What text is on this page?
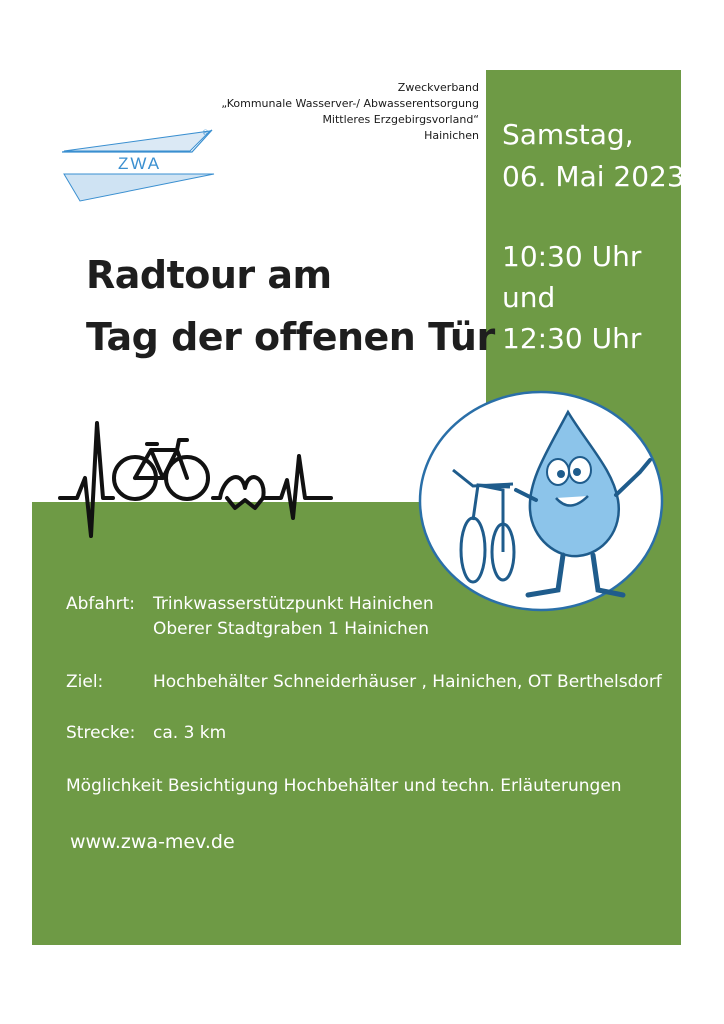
Zweckverband
„Kommunale Wasserver-/ Abwasserentsorgung
Mittleres Erzgebirgsvorland“
Hainichen
ZWA
®
Radtour am
Tag der offenen Tür
Samstag,
06. Mai 2023
10:30 Uhr
und
12:30 Uhr
Abfahrt: Trinkwasserstützpunkt Hainichen
Oberer Stadtgraben 1 Hainichen
Ziel:	Hochbehälter Schneiderhäuser , Hainichen, OT Berthelsdorf
Strecke: ca. 3 km
Möglichkeit Besichtigung Hochbehälter und techn. Erläuterungen
www.zwa-mev.de
